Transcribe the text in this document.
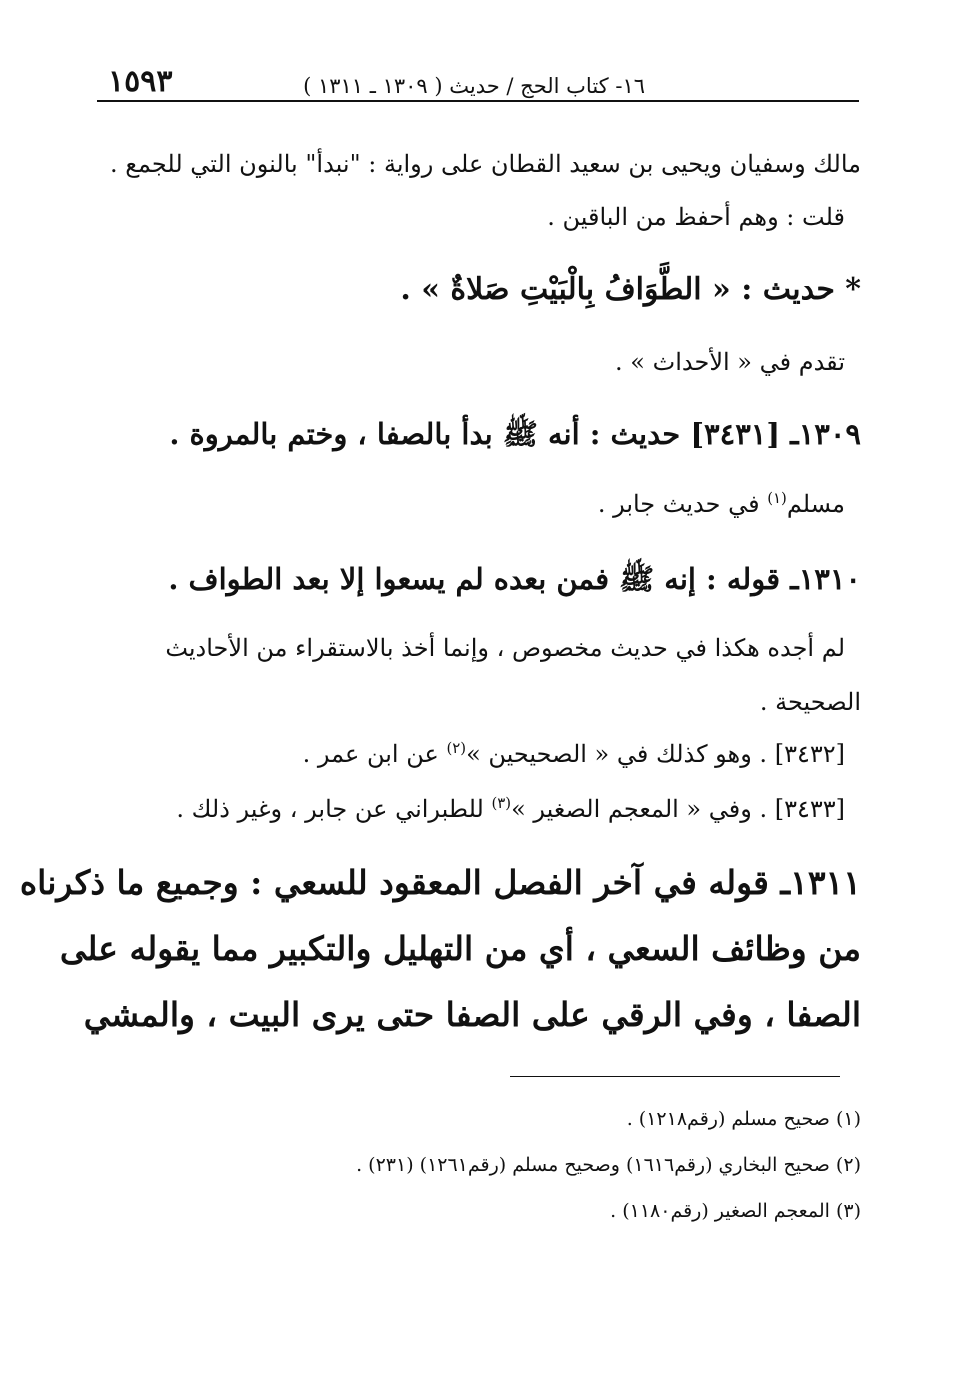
١٥٩٣	١٦- كتاب الحج / حديث ( ١٣٠٩ ـ ١٣١١ )
مالك وسفيان ويحيى بن سعيد القطان على رواية : "نبدأ" بالنون التي للجمع .
قلت : وهم أحفظ من الباقين .
* حديث : « الطَّوَافُ بِالْبَيْتِ صَلاةٌ » .
تقدم في « الأحداث » .
١٣٠٩ـ [٣٤٣١] حديث : أنه ﷺ بدأ بالصفا ، وختم بالمروة .
مسلم$^{(١)}$ في حديث جابر .
١٣١٠ـ قوله : إنه ﷺ فمن بعده لم يسعوا إلا بعد الطواف .
لم أجده هكذا في حديث مخصوص ، وإنما أخذ بالاستقراء من الأحاديث
الصحيحة .
[٣٤٣٢] . وهو كذلك في « الصحيحين »$^{(٢)}$ عن ابن عمر .
[٣٤٣٣] . وفي « المعجم الصغير »$^{(٣)}$ للطبراني عن جابر ، وغير ذلك .
١٣١١ـ قوله في آخر الفصل المعقود للسعي : وجميع ما ذكرناه
من وظائف السعي ، أي من التهليل والتكبير مما يقوله على
الصفا ، وفي الرقي على الصفا حتى يرى البيت ، والمشي
(١) صحيح مسلم (رقم١٢١٨) .
(٢) صحيح البخاري (رقم١٦١٦) وصحيح مسلم (رقم١٢٦١) (٢٣١) .
(٣) المعجم الصغير (رقم١١٨٠) .
